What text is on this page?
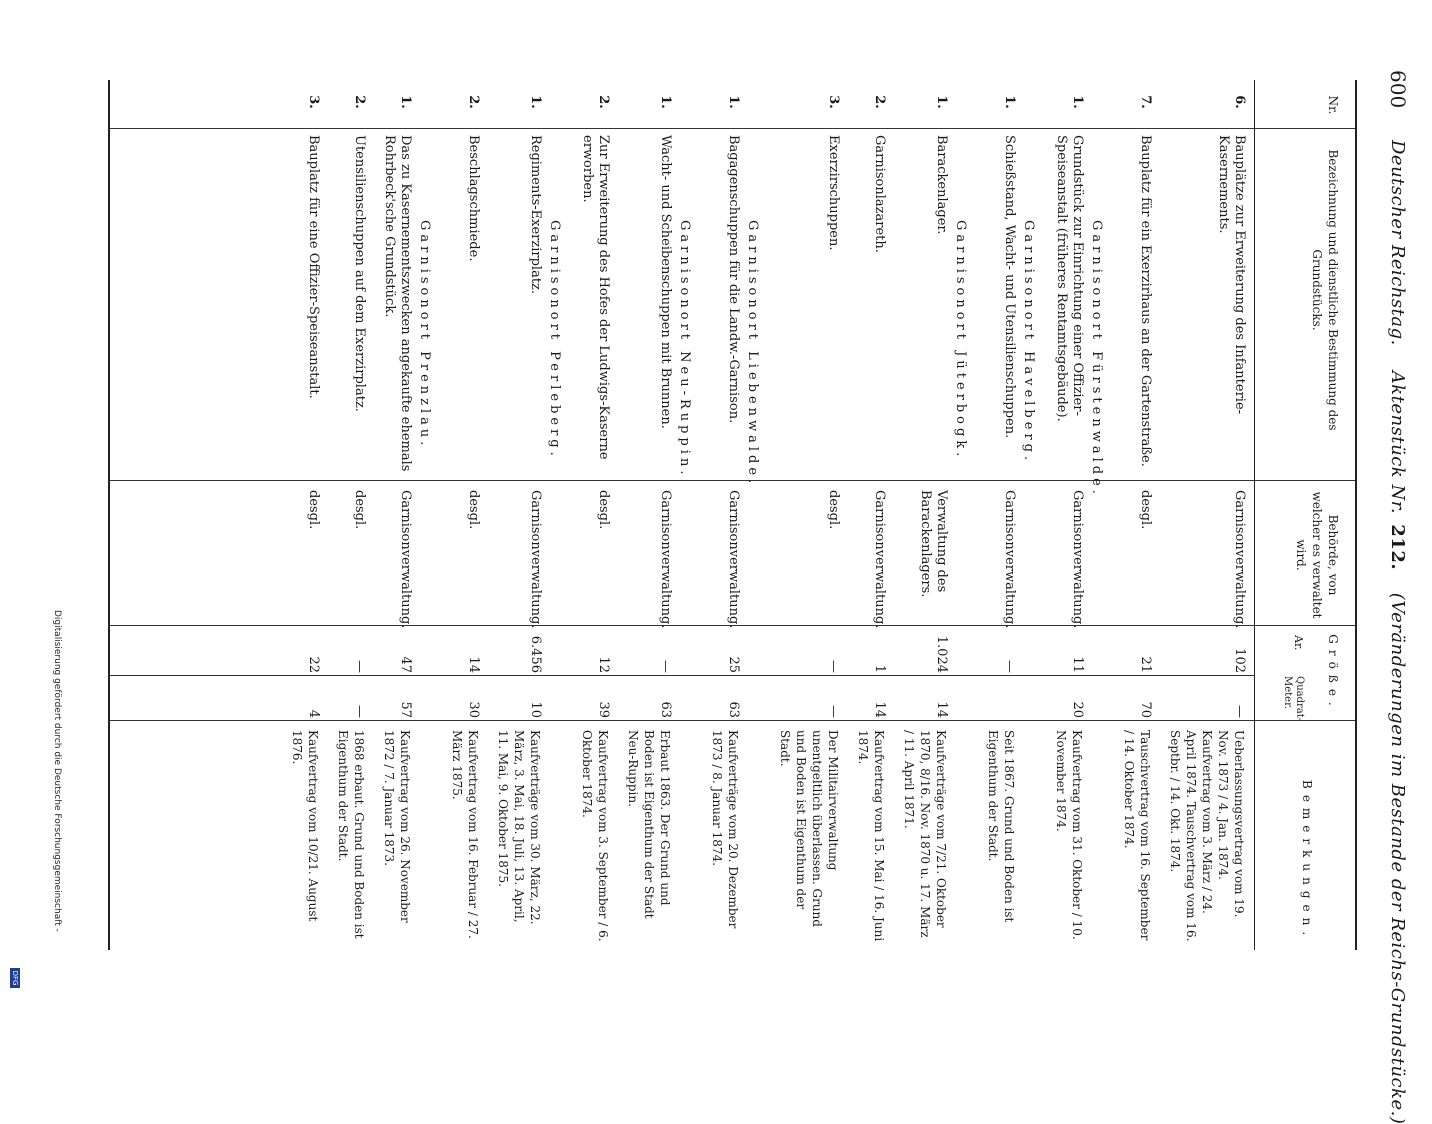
600
Deutscher Reichstag.    Aktenstück Nr. 212.   (Veränderungen im Bestande der Reichs-Grundstücke.)
Nr.
Bezeichnung und dienstliche Bestimmung des Grundstücks.
Behörde, von welcher es verwaltet wird.
Größe.
Ar.
Quadrat-Meter.
Bemerkungen.
6.
Bauplätze zur Erweiterung des Infanterie-Kasernements.
Garnisonverwaltung.
102
—
Ueberlassungsvertrag vom 19. Nov. 1873 / 4. Jan. 1874. Kaufvertrag vom 3. März / 24. April 1874. Tauschvertrag vom 16. Septbr. / 14. Okt. 1874.
7.
Bauplatz für ein Exerzirhaus an der Gartenstraße.
desgl.
21
70
Tauschvertrag vom 16. September / 14. Oktober 1874.
Garnisonort Fürstenwalde.
1.
Grundstück zur Einrichtung einer Offizier-Speiseanstalt (früheres Rentamtsgebäude).
Garnisonverwaltung.
11
20
Kaufvertrag vom 31. Oktober / 10. November 1874.
Garnisonort Havelberg.
1.
Schießstand, Wacht- und Utensilienschuppen.
Garnisonverwaltung.
—
Seit 1867. Grund und Boden ist Eigenthum der Stadt.
Garnisonort Jüterbogk.
1.
Barackenlager.
Verwaltung des Barackenlagers.
1.024
14
Kaufverträge vom 7/21. Oktober 1870, 8/16. Nov. 1870 u. 17. März / 11. April 1871.
2.
Garnisonlazareth.
Garnisonverwaltung.
1
14
Kaufvertrag vom 15. Mai / 16. Juni 1874.
3.
Exerzirschuppen.
desgl.
—
—
Der Militairverwaltung unentgeltlich überlassen. Grund und Boden ist Eigenthum der Stadt.
Garnisonort Liebenwalde.
1.
Bagagenschuppen für die Landw.-Garnison.
Garnisonverwaltung.
25
63
Kaufverträge vom 20. Dezember 1873 / 8. Januar 1874.
Garnisonort Neu-Ruppin.
1.
Wacht- und Scheibenschuppen mit Brunnen.
Garnisonverwaltung.
—
63
Erbaut 1863. Der Grund und Boden ist Eigenthum der Stadt Neu-Ruppin.
2.
Zur Erweiterung des Hofes der Ludwigs-Kaserne erworben.
desgl.
12
39
Kaufvertrag vom 3. September / 6. Oktober 1874.
Garnisonort Perleberg.
1.
Regiments-Exerzirplatz.
Garnisonverwaltung.
6.456
10
Kaufverträge vom 30. März, 22. März, 3. Mai, 18. Juli, 13. April, 11. Mai, 9. Oktober 1875.
2.
Beschlagschmiede.
desgl.
14
30
Kaufvertrag vom 16. Februar / 27. März 1875.
Garnisonort Prenzlau.
1.
Das zu Kasernementszwecken angekaufte ehemals Rohrbeck'sche Grundstück.
Garnisonverwaltung.
47
57
Kaufvertrag vom 26. November 1872 / 7. Januar 1873.
2.
Utensilienschuppen auf dem Exerzirplatz.
desgl.
—
—
1868 erbaut. Grund und Boden ist Eigenthum der Stadt.
3.
Bauplatz für eine Offizier-Speiseanstalt.
desgl.
22
4
Kaufvertrag vom 10/21. August 1876.
Digitalisierung gefördert durch die Deutsche Forschungsgemeinschaft -
DFG
